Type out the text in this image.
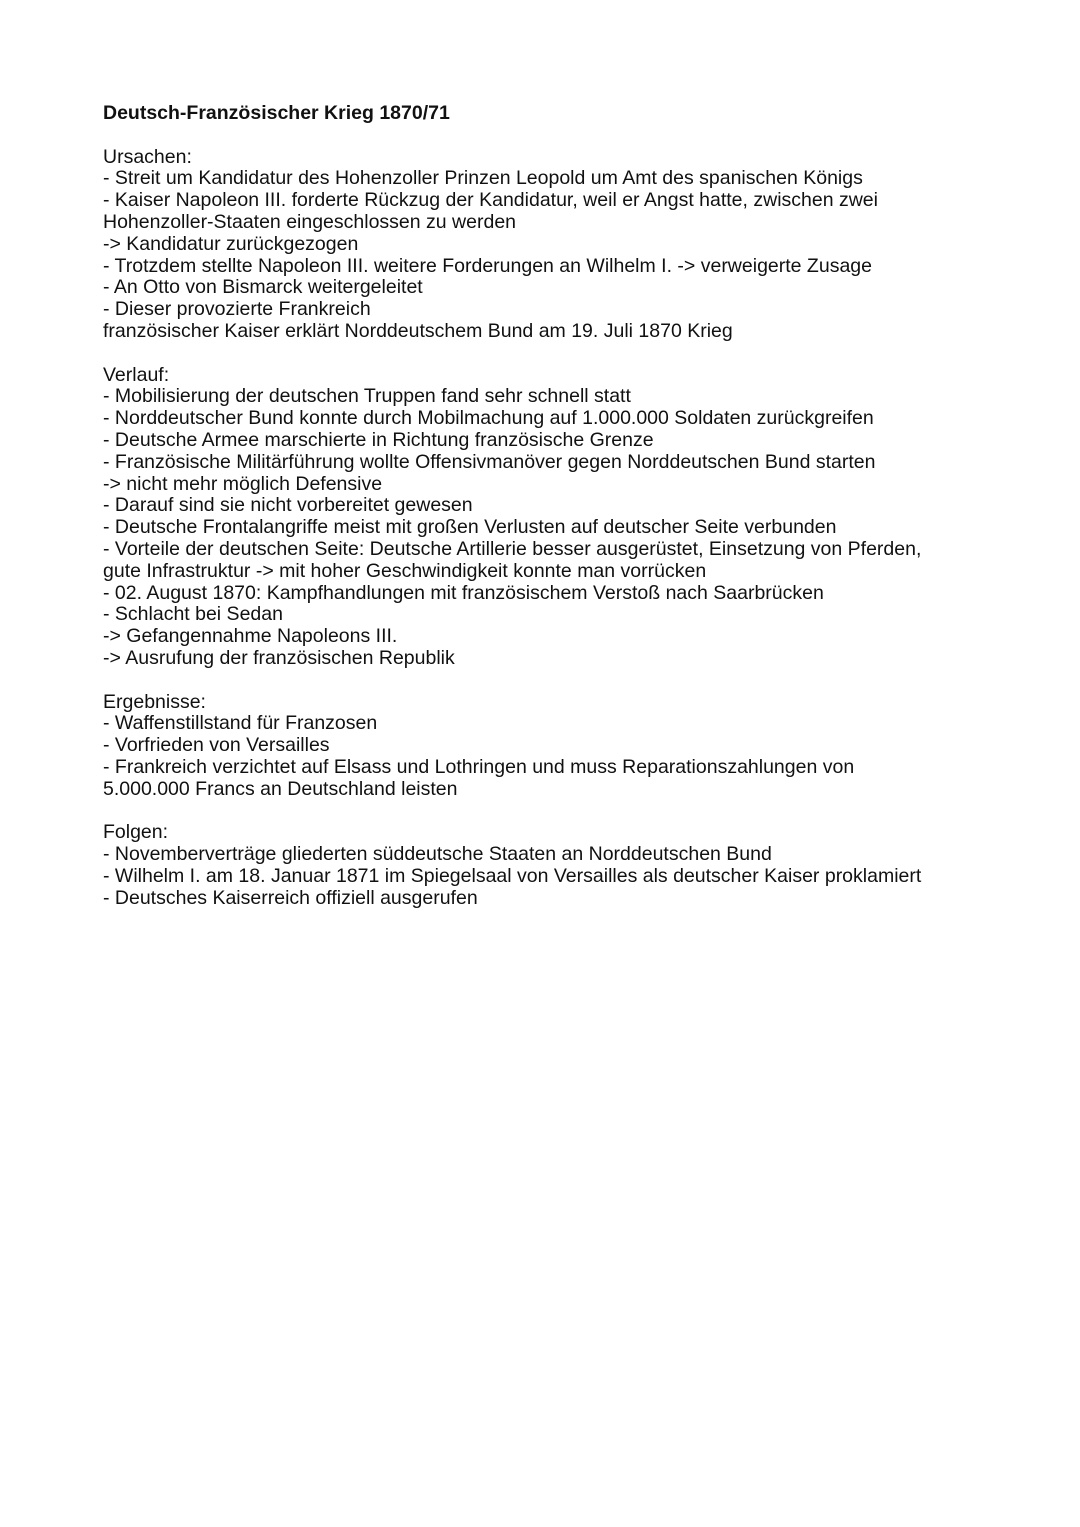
Deutsch-Französischer Krieg 1870/71

Ursachen:

- Streit um Kandidatur des Hohenzoller Prinzen Leopold um Amt des spanischen Königs

- Kaiser Napoleon III. forderte Rückzug der Kandidatur, weil er Angst hatte, zwischen zwei

Hohenzoller-Staaten eingeschlossen zu werden

-> Kandidatur zurückgezogen

- Trotzdem stellte Napoleon III. weitere Forderungen an Wilhelm I. -> verweigerte Zusage

- An Otto von Bismarck weitergeleitet

- Dieser provozierte Frankreich

französischer Kaiser erklärt Norddeutschem Bund am 19. Juli 1870 Krieg

Verlauf:

- Mobilisierung der deutschen Truppen fand sehr schnell statt

- Norddeutscher Bund konnte durch Mobilmachung auf 1.000.000 Soldaten zurückgreifen

- Deutsche Armee marschierte in Richtung französische Grenze

- Französische Militärführung wollte Offensivmanöver gegen Norddeutschen Bund starten

-> nicht mehr möglich Defensive

- Darauf sind sie nicht vorbereitet gewesen

- Deutsche Frontalangriffe meist mit großen Verlusten auf deutscher Seite verbunden

- Vorteile der deutschen Seite: Deutsche Artillerie besser ausgerüstet, Einsetzung von Pferden,

gute Infrastruktur -> mit hoher Geschwindigkeit konnte man vorrücken

- 02. August 1870: Kampfhandlungen mit französischem Verstoß nach Saarbrücken

- Schlacht bei Sedan

-> Gefangennahme Napoleons III.

-> Ausrufung der französischen Republik

Ergebnisse:

- Waffenstillstand für Franzosen

- Vorfrieden von Versailles

- Frankreich verzichtet auf Elsass und Lothringen und muss Reparationszahlungen von

5.000.000 Francs an Deutschland leisten

Folgen:

- Novemberverträge gliederten süddeutsche Staaten an Norddeutschen Bund

- Wilhelm I. am 18. Januar 1871 im Spiegelsaal von Versailles als deutscher Kaiser proklamiert

- Deutsches Kaiserreich offiziell ausgerufen
